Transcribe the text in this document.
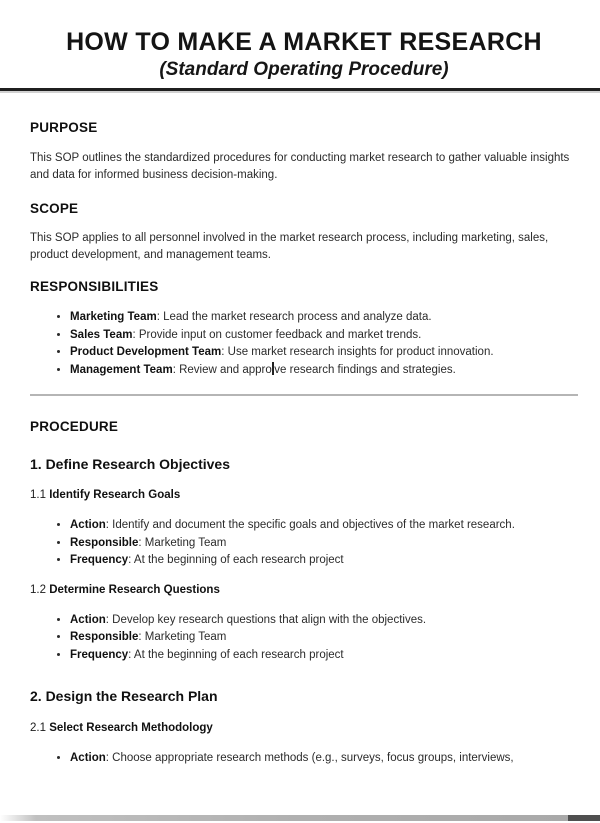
HOW TO MAKE A MARKET RESEARCH
(Standard Operating Procedure)
PURPOSE

This SOP outlines the standardized procedures for conducting market research to gather valuable insights and data for informed business decision-making.

SCOPE

This SOP applies to all personnel involved in the market research process, including marketing, sales, product development, and management teams.

RESPONSIBILITIES
• Marketing Team: Lead the market research process and analyze data.
• Sales Team: Provide input on customer feedback and market trends.
• Product Development Team: Use market research insights for product innovation.
• Management Team: Review and appro ve research findings and strategies.
PROCEDURE
1. Define Research Objectives
1.1 Identify Research Goals
• Action: Identify and document the specific goals and objectives of the market research.
• Responsible: Marketing Team
• Frequency: At the beginning of each research project
1.2 Determine Research Questions
• Action: Develop key research questions that align with the objectives.
• Responsible: Marketing Team
• Frequency: At the beginning of each research project
2. Design the Research Plan
2.1 Select Research Methodology
• Action: Choose appropriate research methods (e.g., surveys, focus groups, interviews,
